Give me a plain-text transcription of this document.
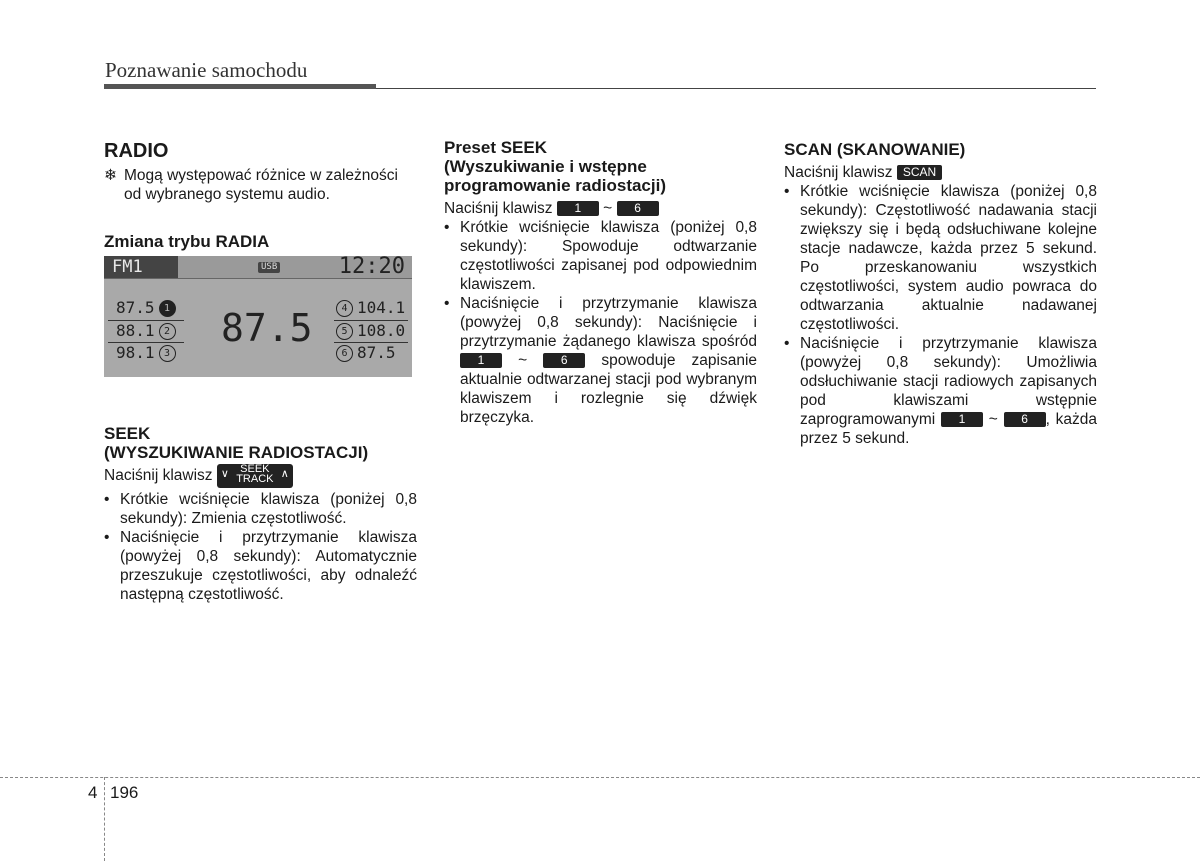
Poznawanie samochodu
RADIO
❄ Mogą występować różnice w zależności od wybranego systemu audio.
Zmiana trybu RADIA
FM1	USB	12:20
87.5
87.5 1
88.1 2
98.1 3
4 104.1
5 108.0
6 87.5
SEEK
(WYSZUKIWANIE RADIOSTACJI)

Naciśnij klawisz ∨	SEEK
TRACK ∧

• Krótkie wciśnięcie klawisza (poniżej 0,8 sekundy): Zmienia częstotliwość.
• Naciśnięcie i przytrzymanie klawisza (powyżej 0,8 sekundy): Automatycznie przeszukuje częstotliwości, aby odnaleźć następną częstotliwość.
Preset SEEK
(Wyszukiwanie i wstępne programowanie radiostacji)

Naciśnij klawisz 1 ~ 6

• Krótkie wciśnięcie klawisza (poniżej 0,8 sekundy): Spowoduje odtwarzanie częstotliwości zapisanej pod odpowiednim klawiszem.
• Naciśnięcie i przytrzymanie klawisza (powyżej 0,8 sekundy): Naciśnięcie i przytrzymanie żądanego klawisza spośród 1 ~	6 spowoduje zapisanie aktualnie odtwarzanej stacji pod wybranym klawiszem i rozlegnie się dźwięk brzęczyka.
SCAN (SKANOWANIE)

Naciśnij klawisz SCAN

• Krótkie wciśnięcie klawisza (poniżej 0,8 sekundy): Częstotliwość nadawania stacji zwiększy się i będą odsłuchiwane kolejne stacje nadawcze, każda przez 5 sekund. Po przeskanowaniu wszystkich częstotliwości, system audio powraca do odtwarzania aktualnie nadawanej częstotliwości.
• Naciśnięcie i przytrzymanie klawisza (powyżej 0,8 sekundy): Umożliwia odsłuchiwanie stacji radiowych zapisanych pod klawiszami wstępnie zaprogramowanymi 1 ~ 6 , każda przez 5 sekund.
4 196
